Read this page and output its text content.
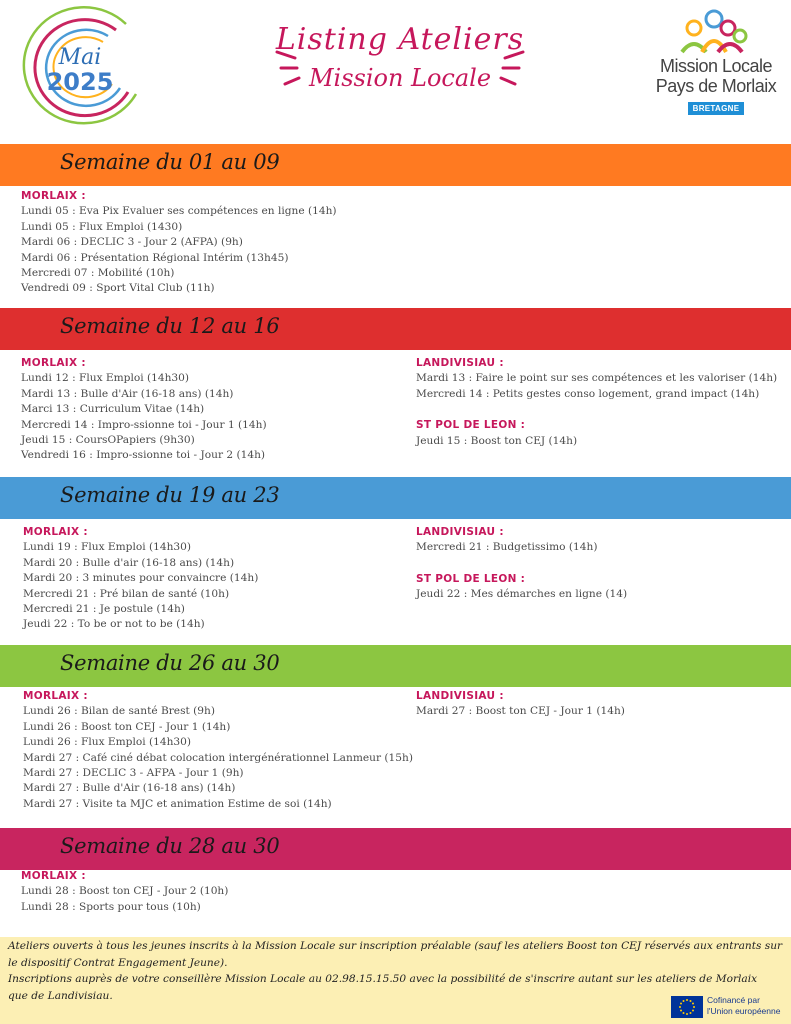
Mai
2025
Listing Ateliers
Mission Locale	Mission Locale
Pays de Morlaix
BRETAGNE
Semaine du 01 au 09
MORLAIX :
Lundi 05 : Eva Pix Evaluer ses compétences en ligne (14h)
Lundi 05 : Flux Emploi (1430)
Mardi 06 : DECLIC 3 - Jour 2 (AFPA) (9h)
Mardi 06 : Présentation Régional Intérim (13h45)
Mercredi 07 : Mobilité (10h)
Vendredi 09 : Sport Vital Club (11h)
Semaine du 12 au 16
MORLAIX :
Lundi 12 : Flux Emploi (14h30)
Mardi 13 : Bulle d'Air (16-18 ans) (14h)
Marci 13 : Curriculum Vitae (14h)
Mercredi 14 : Impro-ssionne toi - Jour 1 (14h)
Jeudi 15 : CoursOPapiers (9h30)
Vendredi 16 : Impro-ssionne toi - Jour 2 (14h)
LANDIVISIAU :
Mardi 13 : Faire le point sur ses compétences et les valoriser (14h)
Mercredi 14 : Petits gestes conso logement, grand impact (14h)
ST POL DE LEON :
Jeudi 15 : Boost ton CEJ (14h)
Semaine du 19 au 23
MORLAIX :
Lundi 19 : Flux Emploi (14h30)
Mardi 20 : Bulle d'air (16-18 ans) (14h)
Mardi 20 : 3 minutes pour convaincre (14h)
Mercredi 21 : Pré bilan de santé (10h)
Mercredi 21 : Je postule (14h)
Jeudi 22 : To be or not to be (14h)
LANDIVISIAU :
Mercredi 21 : Budgetissimo (14h)
ST POL DE LEON :
Jeudi 22 : Mes démarches en ligne (14)
Semaine du 26 au 30
MORLAIX :
Lundi 26 : Bilan de santé Brest (9h)
Lundi 26 : Boost ton CEJ - Jour 1 (14h)
Lundi 26 : Flux Emploi (14h30)
Mardi 27 : Café ciné débat colocation intergénérationnel Lanmeur (15h)
Mardi 27 : DECLIC 3 - AFPA - Jour 1 (9h)
Mardi 27 : Bulle d'Air (16-18 ans) (14h)
Mardi 27 : Visite ta MJC et animation Estime de soi (14h)
LANDIVISIAU :
Mardi 27 : Boost ton CEJ - Jour 1 (14h)
Semaine du 28 au 30
MORLAIX :
Lundi 28 : Boost ton CEJ - Jour 2 (10h)
Lundi 28 : Sports pour tous (10h)

Ateliers ouverts à tous les jeunes inscrits à la Mission Locale sur inscription préalable (sauf les ateliers Boost ton CEJ réservés aux entrants sur le dispositif Contrat Engagement Jeune).

Inscriptions auprès de votre conseillère Mission Locale au 02.98.15.15.50 avec la possibilité de s'inscrire autant sur les ateliers de Morlaix que de Landivisiau.	Cofinancé par
l'Union européenne
